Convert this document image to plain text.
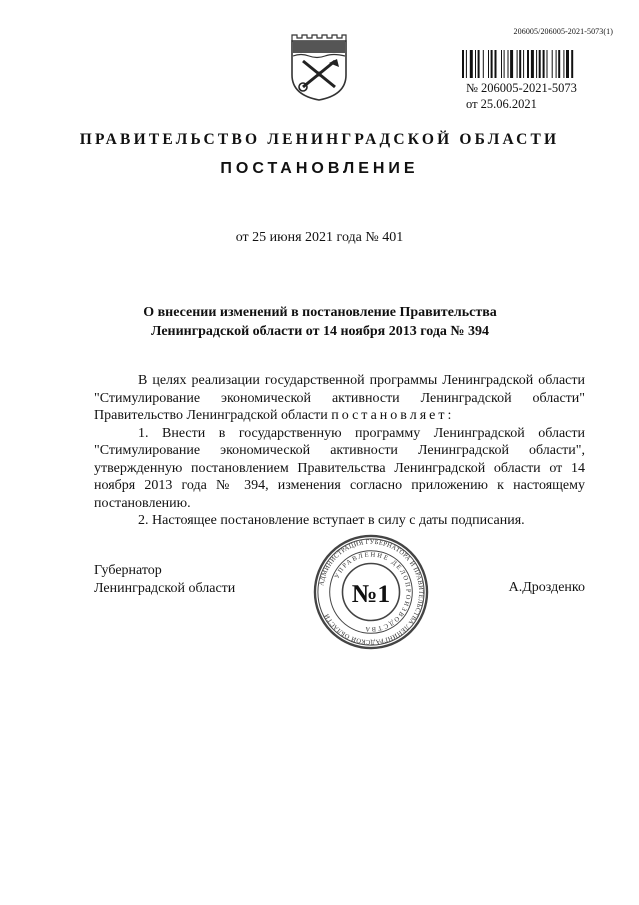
206005/206005-2021-5073(1)
№ 206005-2021-5073
от 25.06.2021
ПРАВИТЕЛЬСТВО ЛЕНИНГРАДСКОЙ ОБЛАСТИ
ПОСТАНОВЛЕНИЕ
от 25 июня 2021 года № 401
О внесении изменений в постановление Правительства
Ленинградской области от 14 ноября 2013 года № 394

В целях реализации государственной программы Ленинградской области "Стимулирование экономической активности Ленинградской области" Правительство Ленинградской области постановляет:

1. Внести в государственную программу Ленинградской области "Стимулирование экономической активности Ленинградской области", утвержденную постановлением Правительства Ленинградской области от 14 ноября 2013 года № 394, изменения согласно приложению к настоящему постановлению.

2. Настоящее постановление вступает в силу с даты подписания.

Губернатор
Ленинградской области	А.Дрозденко
АДМИНИСТРАЦИЯ ГУБЕРНАТОРА И ПРАВИТЕЛЬСТВА ЛЕНИНГРАДСКОЙ ОБЛАСТИ
УПРАВЛЕНИЕ ДЕЛОПРОИЗВОДСТВА
№1
